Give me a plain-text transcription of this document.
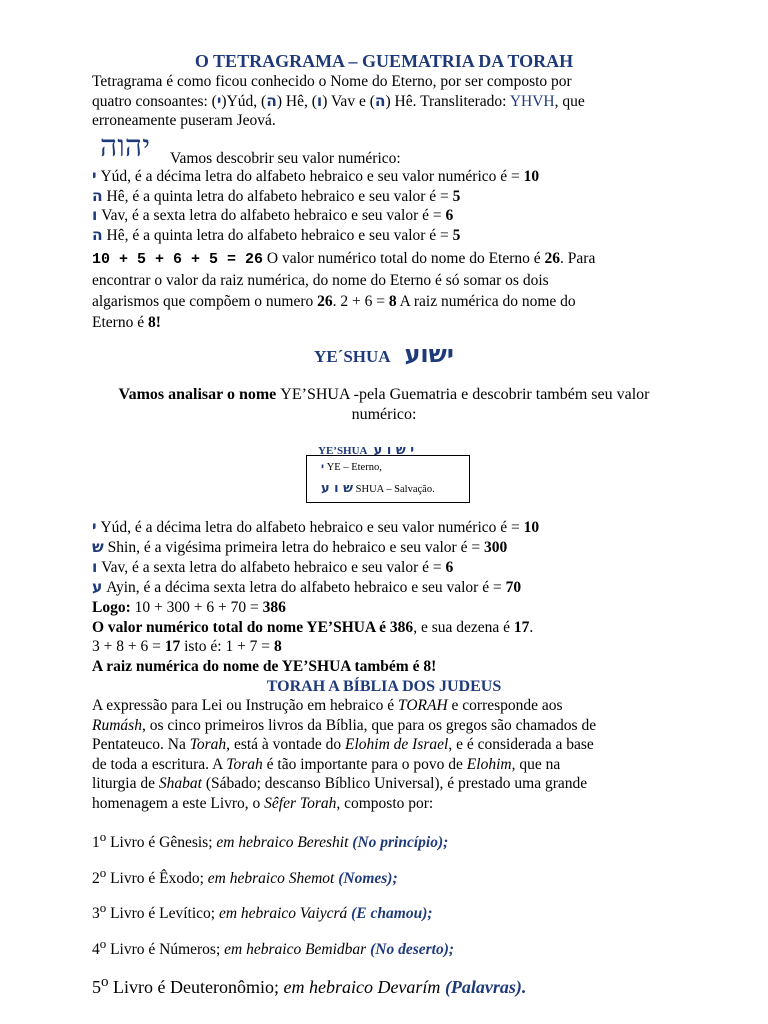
O TETRAGRAMA – GUEMATRIA DA TORAH
Tetragrama é como ficou conhecido o Nome do Eterno, por ser composto por
quatro consoantes: (י)Yúd, (ה) Hê, (ו) Vav e (ה) Hê. Transliterado: YHVH, que
erroneamente puseram Jeová.
יהוה Vamos descobrir seu valor numérico:
י Yúd, é a décima letra do alfabeto hebraico e seu valor numérico é = 10
ה Hê, é a quinta letra do alfabeto hebraico e seu valor é = 5
ו Vav, é a sexta letra do alfabeto hebraico e seu valor é = 6
ה Hê, é a quinta letra do alfabeto hebraico e seu valor é = 5
10 + 5 + 6 + 5 = 26 O valor numérico total do nome do Eterno é 26. Para
encontrar o valor da raiz numérica, do nome do Eterno é só somar os dois
algarismos que compõem o numero 26. 2 + 6 = 8 A raiz numérica do nome do
Eterno é 8!
YE´SHUA ישוע
Vamos analisar o nome YE’SHUA -pela Guematria e descobrir também seu valor
numérico:
YE’SHUA י ש ו ע
י YE – Eterno,
ש ו ע SHUA – Salvação.
י Yúd, é a décima letra do alfabeto hebraico e seu valor numérico é = 10
ש Shin, é a vigésima primeira letra do hebraico e seu valor é = 300
ו Vav, é a sexta letra do alfabeto hebraico e seu valor é = 6
ע Ayin, é a décima sexta letra do alfabeto hebraico e seu valor é = 70
Logo: 10 + 300 + 6 + 70 = 386
O valor numérico total do nome YE’SHUA é 386, e sua dezena é 17.
3 + 8 + 6 = 17 isto é: 1 + 7 = 8
A raiz numérica do nome de YE’SHUA também é 8!
TORAH A BÍBLIA DOS JUDEUS
A expressão para Lei ou Instrução em hebraico é TORAH e corresponde aos
Rumásh, os cinco primeiros livros da Bíblia, que para os gregos são chamados de
Pentateuco. Na Torah, está à vontade do Elohim de Israel, e é considerada a base
de toda a escritura. A Torah é tão importante para o povo de Elohim, que na
liturgia de Shabat (Sábado; descanso Bíblico Universal), é prestado uma grande
homenagem a este Livro, o Sêfer Torah, composto por:
1$^o$ Livro é Gênesis; em hebraico Bereshit (No princípio);
2$^o$ Livro é Êxodo; em hebraico Shemot (Nomes);
3$^o$ Livro é Levítico; em hebraico Vaiycrá (E chamou);
4$^o$ Livro é Números; em hebraico Bemidbar (No deserto);
5$^o$ Livro é Deuteronômio; em hebraico Devarím (Palavras).
